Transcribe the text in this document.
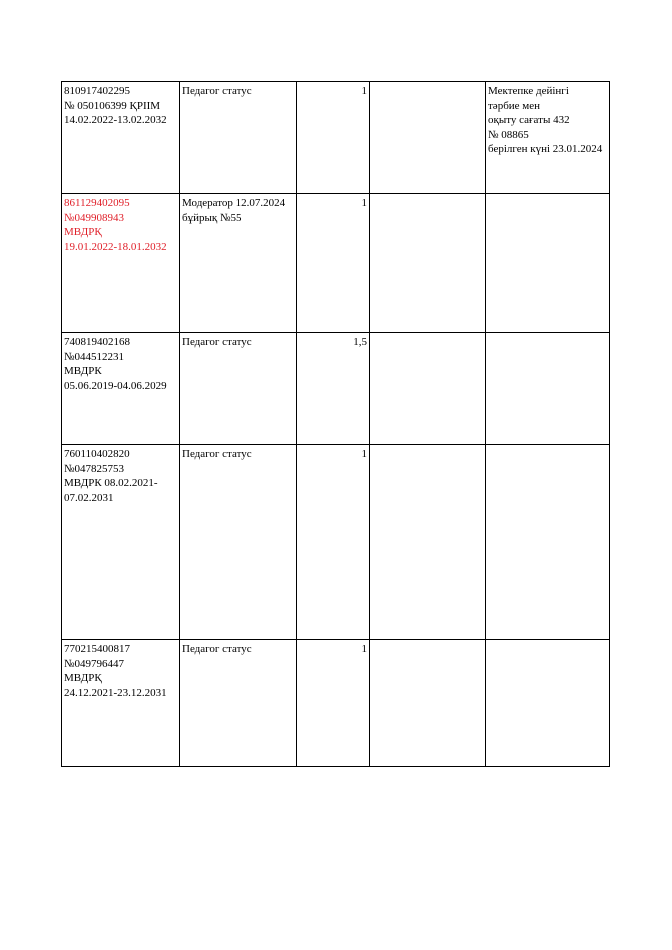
810917402295
№ 050106399 ҚРІІМ
14.02.2022-13.02.2032	Педагог статус	1		Мектепке дейінгі
тәрбие мен
оқыту сағаты 432
№ 08865
берілген күні 23.01.2024

861129402095
№049908943
МВДРҚ
19.01.2022-18.01.2032	Модератор 12.07.2024
бұйрық №55	1		

740819402168
№044512231
МВДРК
05.06.2019-04.06.2029	Педагог статус	1,5		

760110402820
№047825753
МВДРК 08.02.2021-
07.02.2031	Педагог статус	1		

770215400817
№049796447
МВДРҚ
24.12.2021-23.12.2031	Педагог статус	1		
